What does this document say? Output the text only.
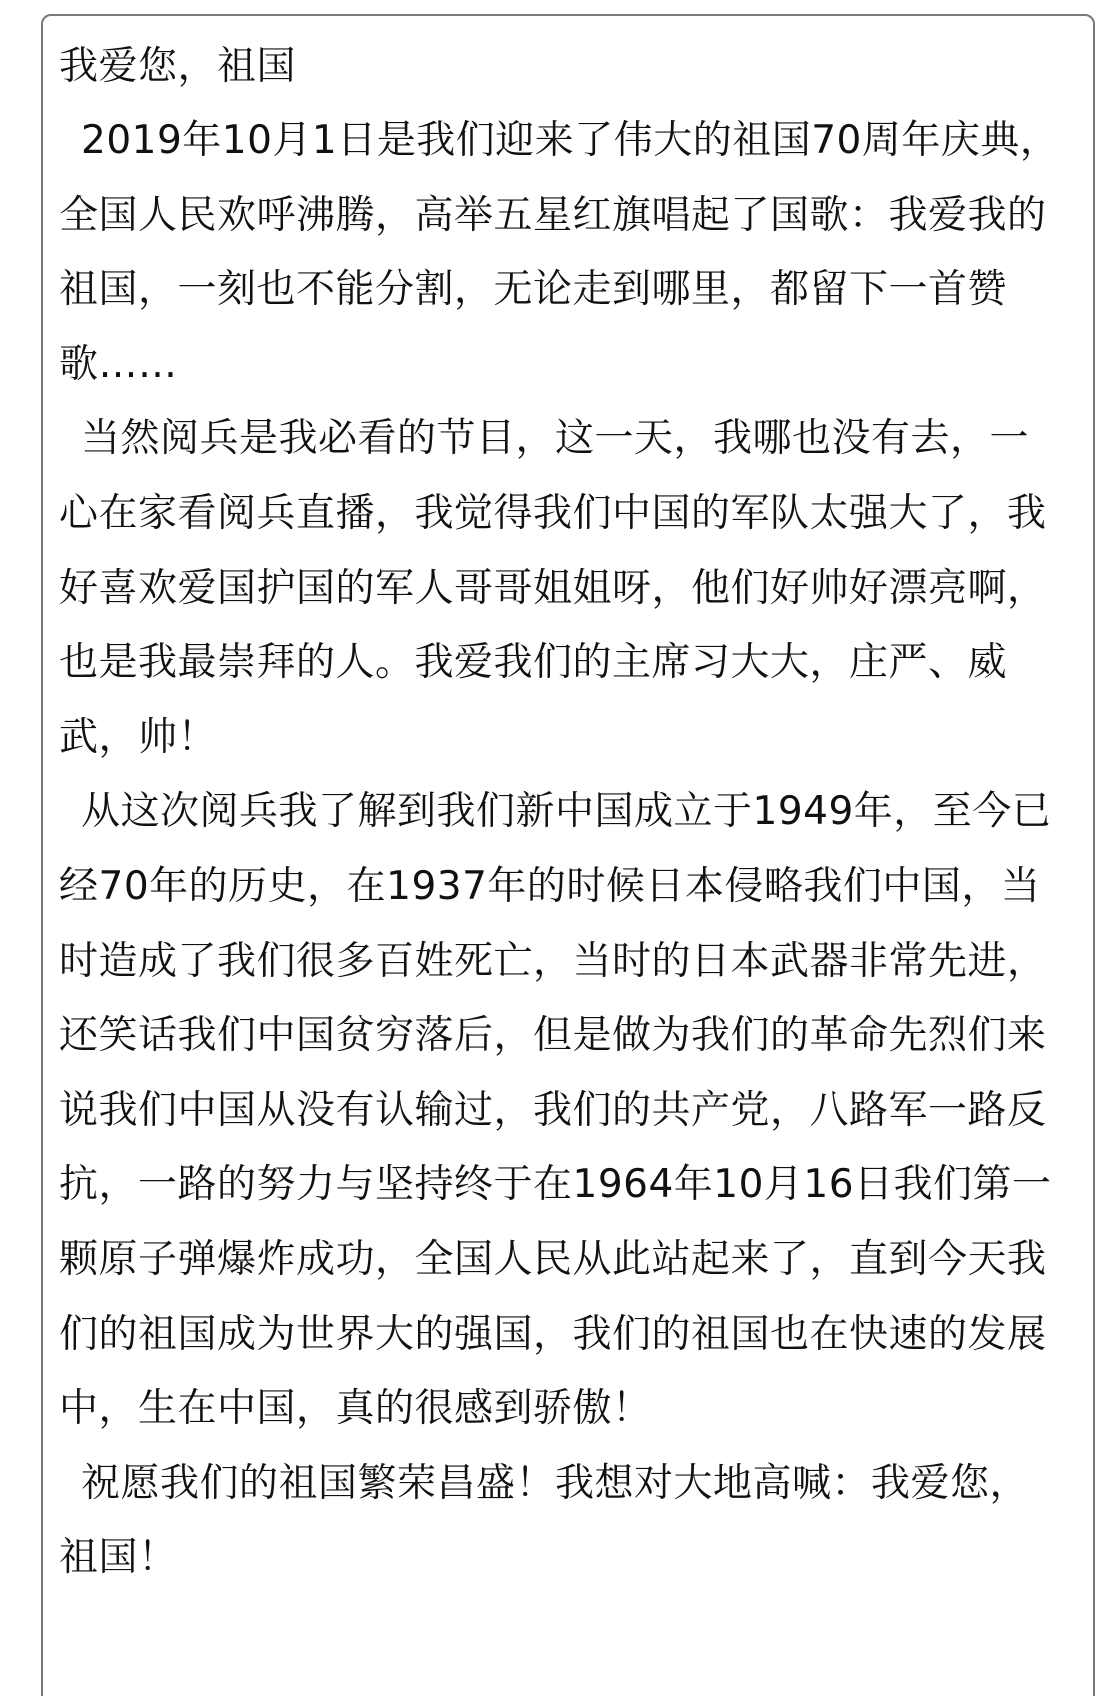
我爱您，祖国

2019年10月1日是我们迎来了伟大的祖国70周年庆典，全国人民欢呼沸腾，高举五星红旗唱起了国歌：我爱我的祖国，一刻也不能分割，无论走到哪里，都留下一首赞歌……

当然阅兵是我必看的节目，这一天，我哪也没有去，一心在家看阅兵直播，我觉得我们中国的军队太强大了，我好喜欢爱国护国的军人哥哥姐姐呀，他们好帅好漂亮啊，也是我最崇拜的人。我爱我们的主席习大大，庄严、威武，帅！

从这次阅兵我了解到我们新中国成立于1949年，至今已经70年的历史，在1937年的时候日本侵略我们中国，当时造成了我们很多百姓死亡，当时的日本武器非常先进，还笑话我们中国贫穷落后，但是做为我们的革命先烈们来说我们中国从没有认输过，我们的共产党，八路军一路反抗，一路的努力与坚持终于在1964年10月16日我们第一颗原子弹爆炸成功，全国人民从此站起来了，直到今天我们的祖国成为世界大的强国，我们的祖国也在快速的发展中，生在中国，真的很感到骄傲！

祝愿我们的祖国繁荣昌盛！我想对大地高喊：我爱您，祖国！
